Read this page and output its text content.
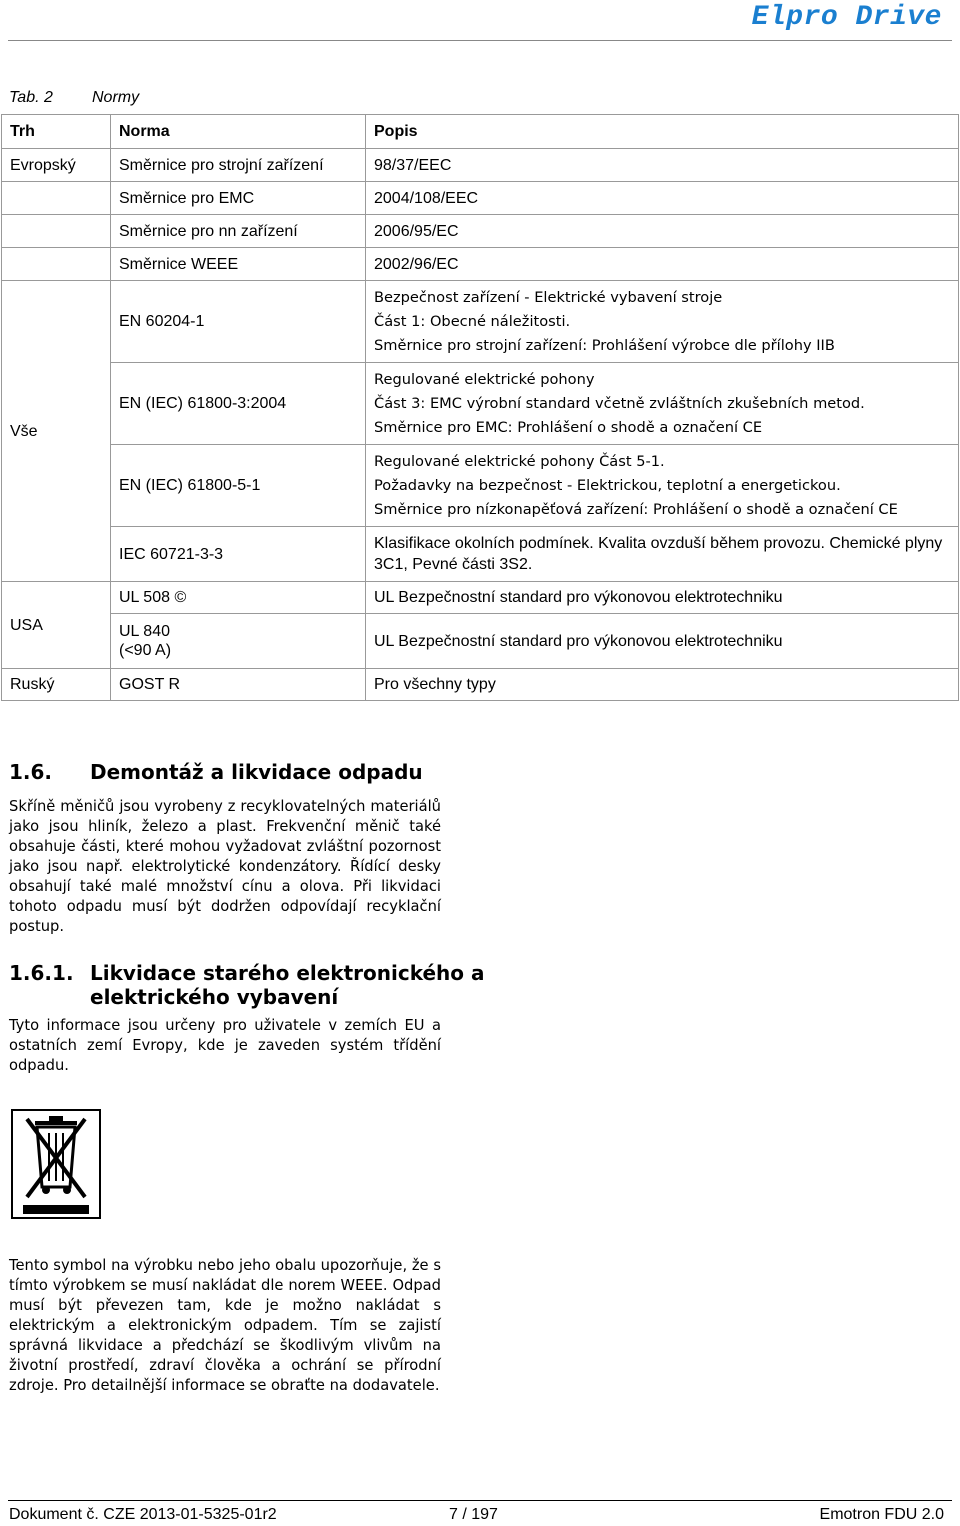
Elpro Drive
Tab. 2 Normy
Trh	Norma	Popis
Evropský	Směrnice pro strojní zařízení	98/37/EEC
	Směrnice pro EMC	2004/108/EEC
	Směrnice pro nn zařízení	2006/95/EC
	Směrnice WEEE	2002/96/EC
Vše	EN 60204-1	Bezpečnost zařízení - Elektrické vybavení stroje
Část 1: Obecné náležitosti.
Směrnice pro strojní zařízení: Prohlášení výrobce dle přílohy IIB

	EN (IEC) 61800-3:2004	Regulované elektrické pohony
Část 3: EMC výrobní standard včetně zvláštních zkušebních metod.
Směrnice pro EMC: Prohlášení o shodě a označení CE

	EN (IEC) 61800-5-1	Regulované elektrické pohony Část 5-1.
Požadavky na bezpečnost - Elektrickou, teplotní a energetickou.
Směrnice pro nízkonapěťová zařízení: Prohlášení o shodě a označení CE

	IEC 60721-3-3	Klasifikace okolních podmínek. Kvalita ovzduší během provozu. Chemické plyny 3C1, Pevné části 3S2.
USA	UL 508 ©	UL Bezpečnostní standard pro výkonovou elektrotechniku

	UL 840
(<90 A)	UL Bezpečnostní standard pro výkonovou elektrotechniku
Ruský	GOST R	Pro všechny typy
1.6. Demontáž a likvidace odpadu
Skříně měničů jsou vyrobeny z recyklovatelných materiálů jako jsou hliník, železo a plast. Frekvenční měnič také obsahuje části, které mohou vyžadovat zvláštní pozornost jako jsou např. elektrolytické kondenzátory. Řídící desky obsahují také malé množství cínu a olova. Při likvidaci tohoto odpadu musí být dodržen odpovídají recyklační postup.
1.6.1. Likvidace starého elektronického a elektrického vybavení
Tyto informace jsou určeny pro uživatele v zemích EU a ostatních zemí Evropy, kde je zaveden systém třídění odpadu.
Tento symbol na výrobku nebo jeho obalu upozorňuje, že s tímto výrobkem se musí nakládat dle norem WEEE. Odpad musí být převezen tam, kde je možno nakládat s elektrickým a elektronickým odpadem. Tím se zajistí správná likvidace a předchází se škodlivým vlivům na životní prostředí, zdraví člověka a ochrání se přírodní zdroje. Pro detailnější informace se obraťte na dodavatele.
Dokument č. CZE 2013-01-5325-01r2	7 / 197	Emotron FDU 2.0
